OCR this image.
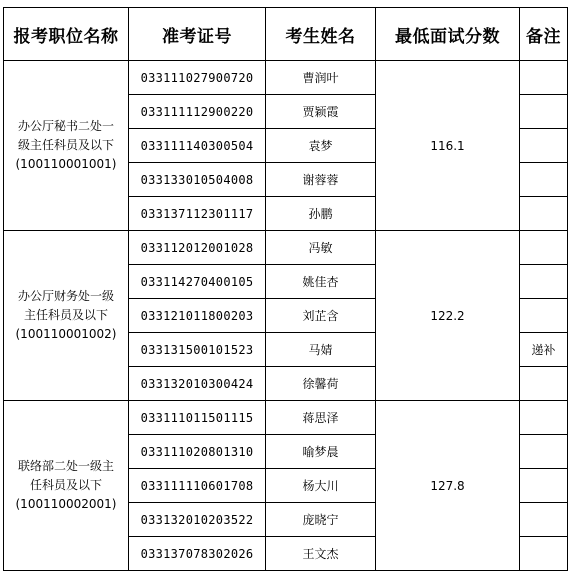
报考职位名称	准考证号	考生姓名	最低面试分数	备注

办公厅秘书二处一
级主任科员及以下
(100110001001)	033111027900720	曹润叶	116.1	
	033111112900220	贾颖霞		
	033111140300504	袁梦		
	033133010504008	谢蓉蓉		
	033137112301117	孙鹏		

办公厅财务处一级
主任科员及以下
(100110001002)	033112012001028	冯敏	122.2	
	033114270400105	姚佳杏		
	033121011800203	刘芷含		
	033131500101523	马婧		递补
	033132010300424	徐馨荷		

联络部二处一级主
任科员及以下
(100110002001)	033111011501115	蒋思泽	127.8	
	033111020801310	喻梦晨		
	033111110601708	杨大川		
	033132010203522	庞晓宁		
	033137078302026	王文杰		
